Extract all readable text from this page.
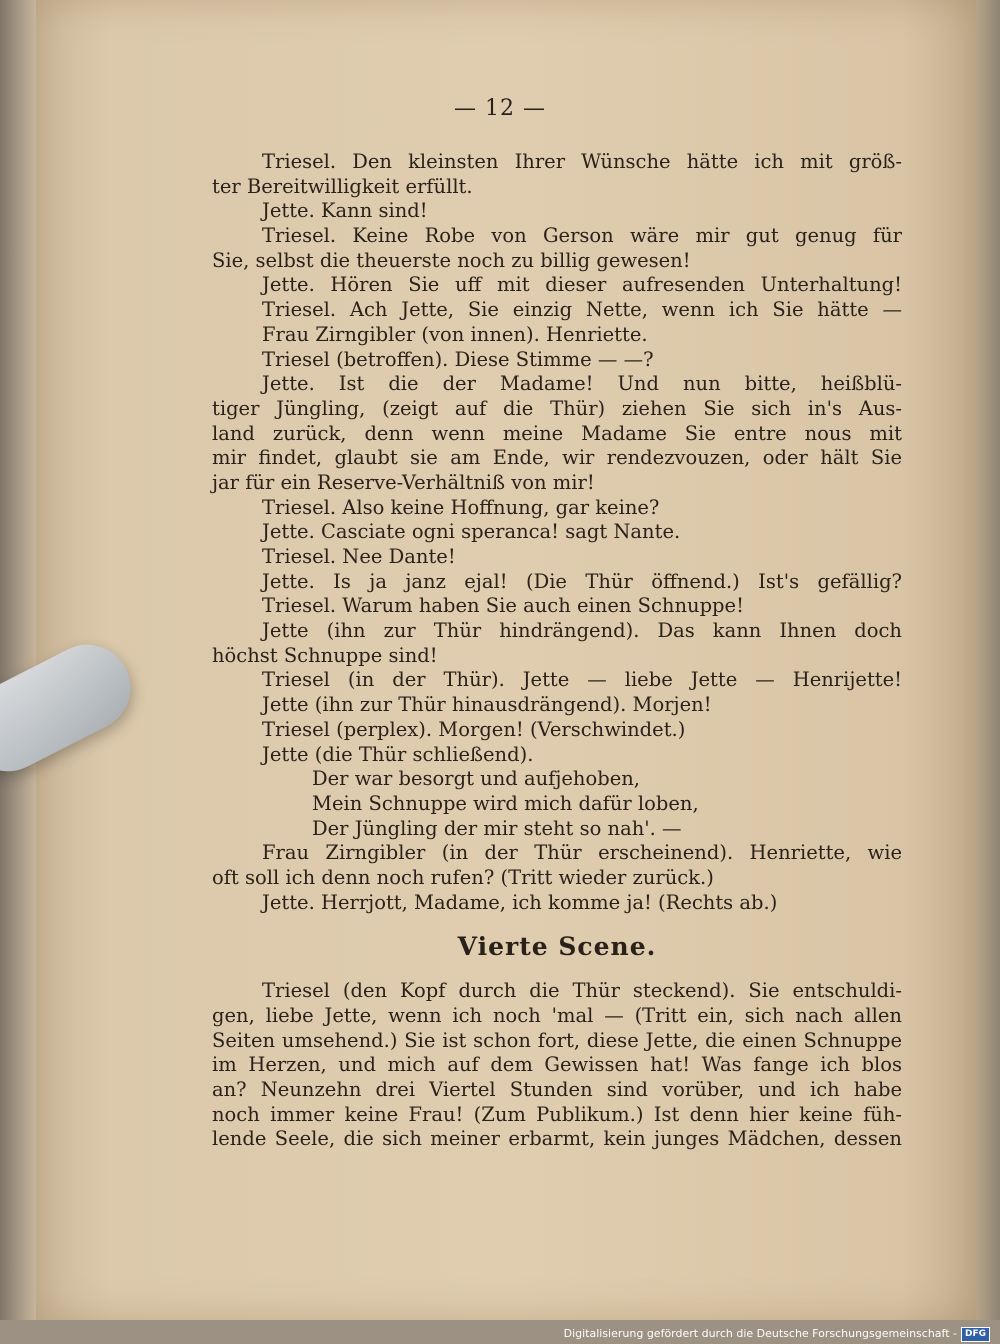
— 12 —
Triesel. Den kleinsten Ihrer Wünsche hätte ich mit größ-
ter Bereitwilligkeit erfüllt.
Jette. Kann sind!
Triesel. Keine Robe von Gerson wäre mir gut genug für
Sie, selbst die theuerste noch zu billig gewesen!
Jette. Hören Sie uff mit dieser aufresenden Unterhaltung!
Triesel. Ach Jette, Sie einzig Nette, wenn ich Sie hätte —
Frau Zirngibler (von innen). Henriette.
Triesel (betroffen). Diese Stimme — —?
Jette. Ist die der Madame! Und nun bitte, heißblü-
tiger Jüngling, (zeigt auf die Thür) ziehen Sie sich in's Aus-
land zurück, denn wenn meine Madame Sie entre nous mit
mir findet, glaubt sie am Ende, wir rendezvouzen, oder hält Sie
jar für ein Reserve-Verhältniß von mir!
Triesel. Also keine Hoffnung, gar keine?
Jette. Casciate ogni speranca! sagt Nante.
Triesel. Nee Dante!
Jette. Is ja janz ejal! (Die Thür öffnend.) Ist's gefällig?
Triesel. Warum haben Sie auch einen Schnuppe!
Jette (ihn zur Thür hindrängend). Das kann Ihnen doch
höchst Schnuppe sind!
Triesel (in der Thür). Jette — liebe Jette — Henrijette!
Jette (ihn zur Thür hinausdrängend). Morjen!
Triesel (perplex). Morgen! (Verschwindet.)
Jette (die Thür schließend).
Der war besorgt und aufjehoben,
Mein Schnuppe wird mich dafür loben,
Der Jüngling der mir steht so nah'. —
Frau Zirngibler (in der Thür erscheinend). Henriette, wie
oft soll ich denn noch rufen? (Tritt wieder zurück.)
Jette. Herrjott, Madame, ich komme ja! (Rechts ab.)
Vierte Scene.
Triesel (den Kopf durch die Thür steckend). Sie entschuldi-
gen, liebe Jette, wenn ich noch 'mal — (Tritt ein, sich nach allen
Seiten umsehend.) Sie ist schon fort, diese Jette, die einen Schnuppe
im Herzen, und mich auf dem Gewissen hat! Was fange ich blos
an? Neunzehn drei Viertel Stunden sind vorüber, und ich habe
noch immer keine Frau! (Zum Publikum.) Ist denn hier keine füh-
lende Seele, die sich meiner erbarmt, kein junges Mädchen, dessen
Digitalisierung gefördert durch die Deutsche Forschungsgemeinschaft - DFG
